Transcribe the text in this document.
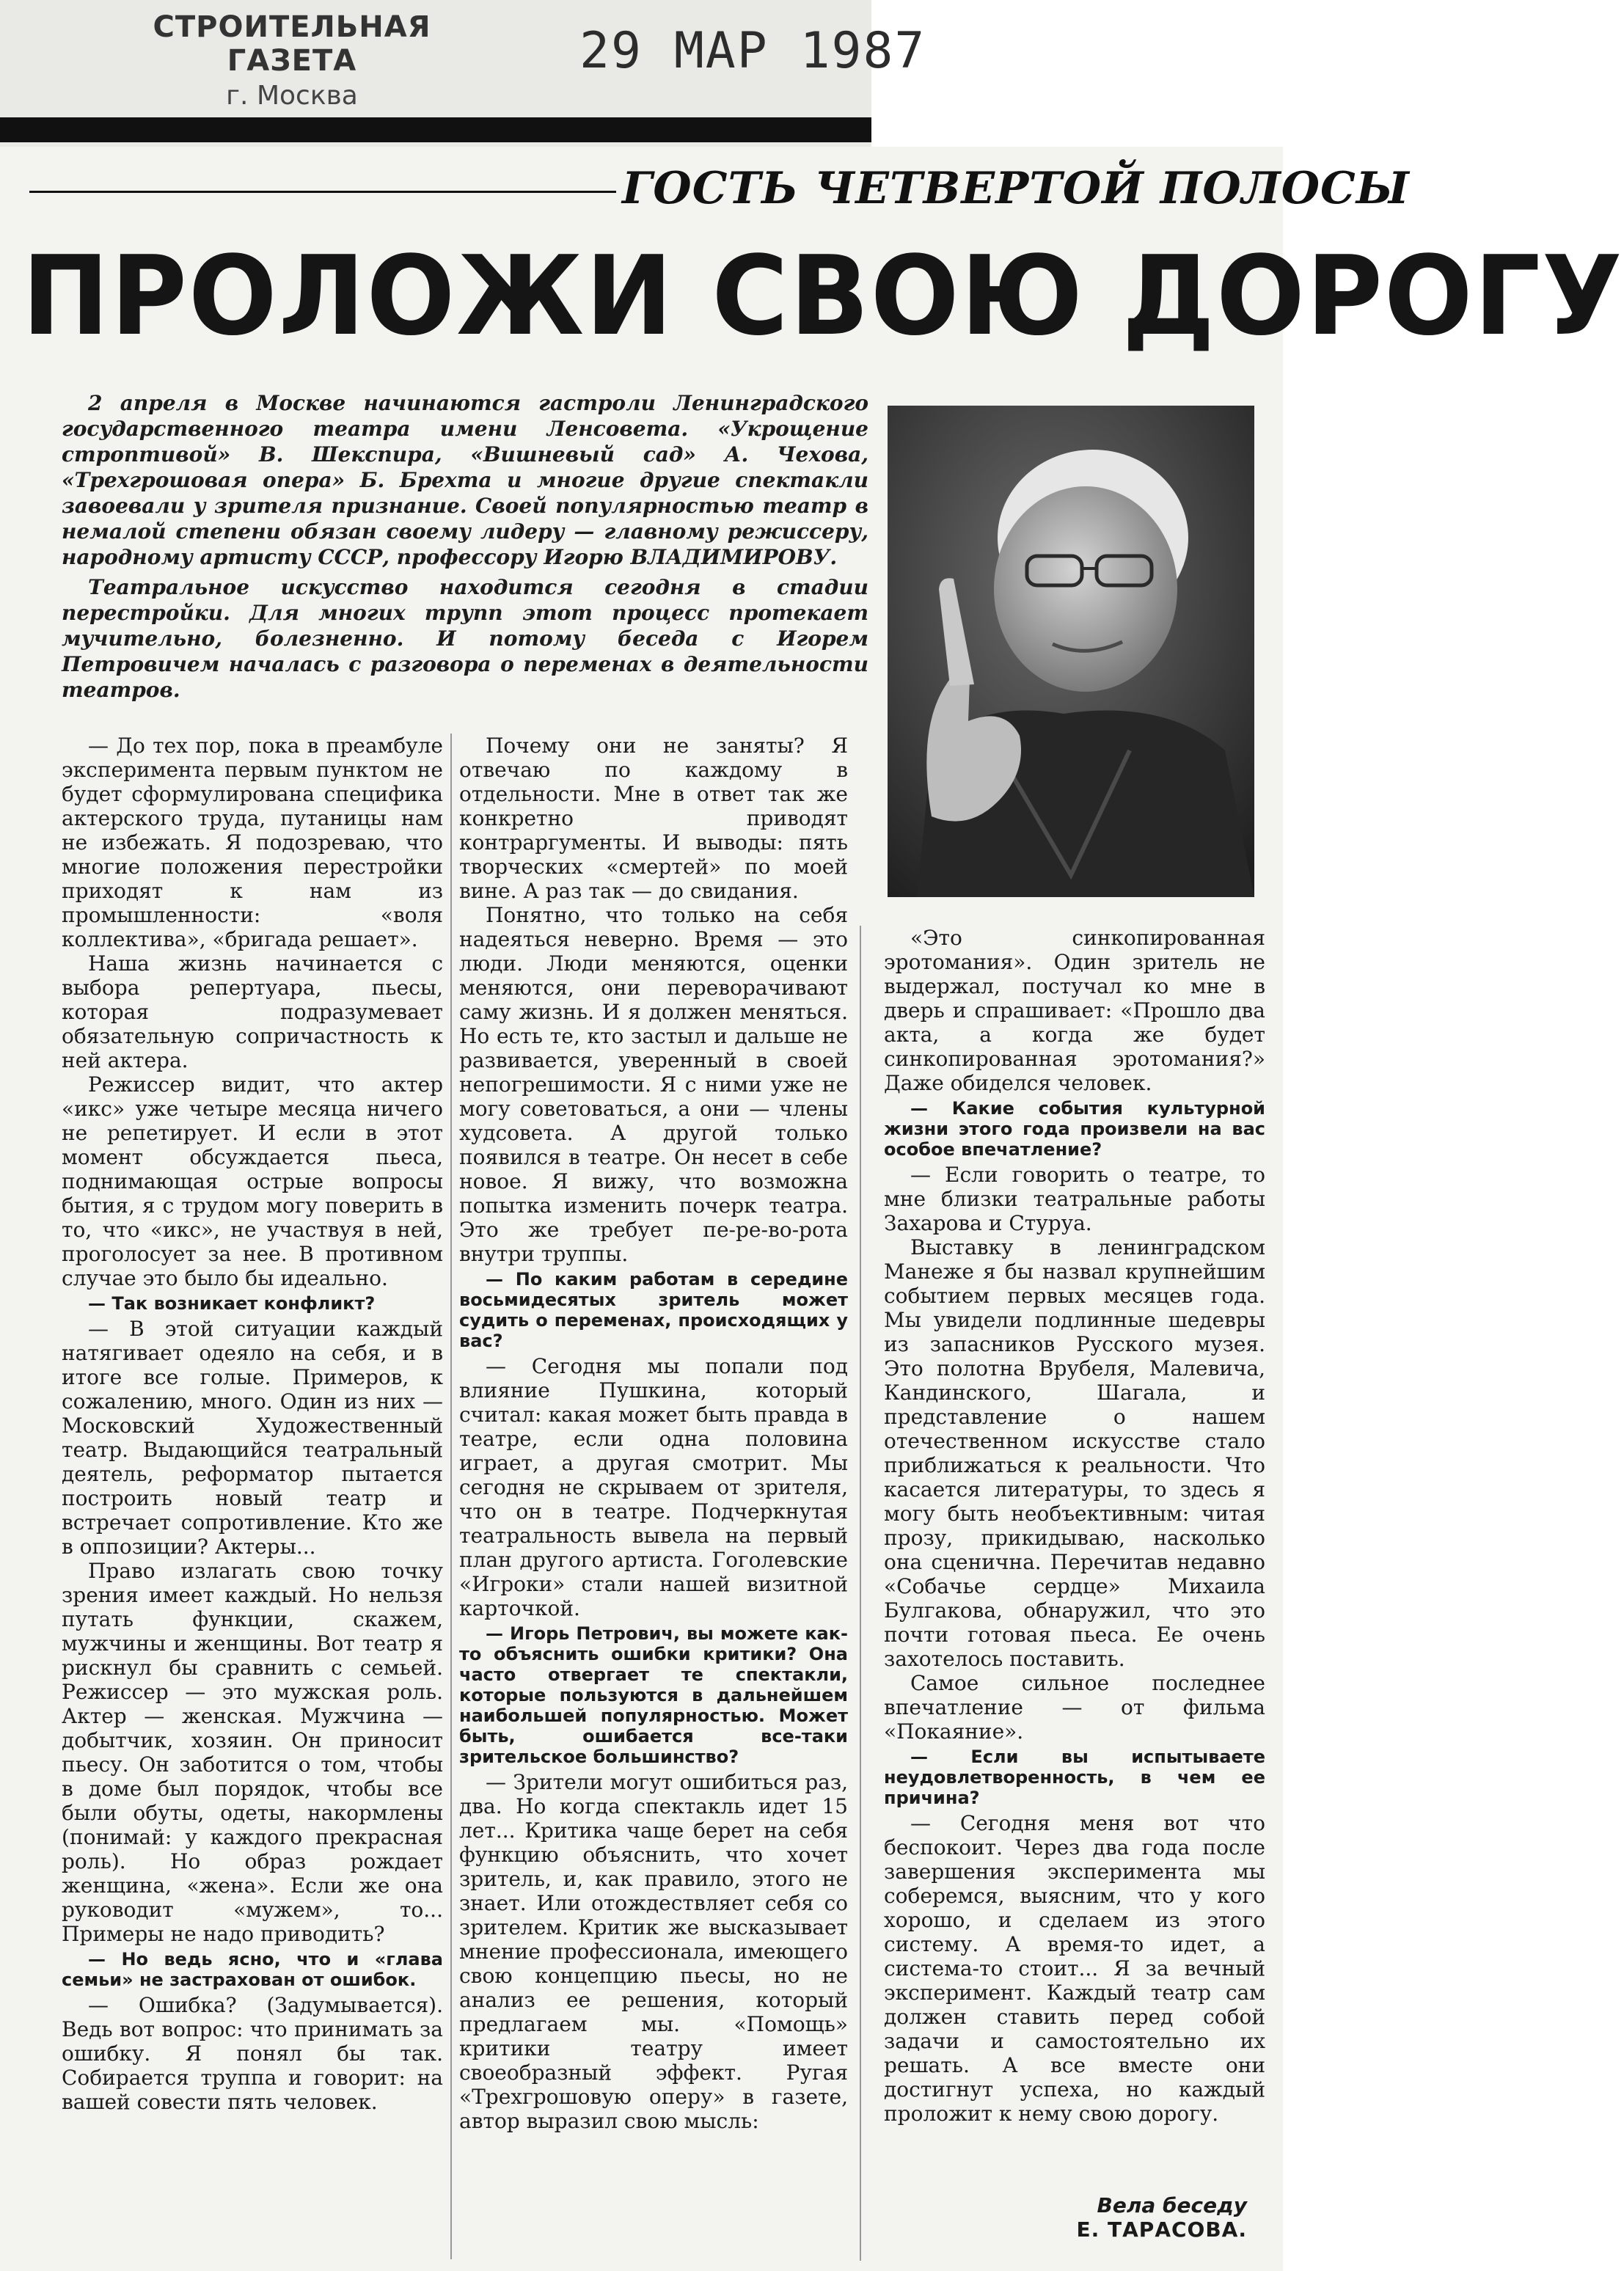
СТРОИТЕЛЬНАЯ ГАЗЕТА
г. Москва
29 МАР 1987
ГОСТЬ ЧЕТВЕРТОЙ ПОЛОСЫ
ПРОЛОЖИ СВОЮ ДОРОГУ

2 апреля в Москве начинаются гастроли Ленинградского государственного театра имени Ленсовета. «Укрощение строптивой» В. Шекспира, «Вишневый сад» А. Чехова, «Трехгрошовая опера» Б. Брехта и многие другие спектакли завоевали у зрителя признание. Своей популярностью театр в немалой степени обязан своему лидеру — главному режиссеру, народному артисту СССР, профессору Игорю ВЛАДИМИРОВУ.

Театральное искусство находится сегодня в стадии перестройки. Для многих трупп этот процесс протекает мучительно, болезненно. И потому беседа с Игорем Петровичем началась с разговора о переменах в деятельности театров.

— До тех пор, пока в преамбуле эксперимента первым пунктом не будет сформулирована специфика актерского труда, путаницы нам не избежать. Я подозреваю, что многие положения перестройки приходят к нам из промышленности: «воля коллектива», «бригада решает».

Наша жизнь начинается с выбора репертуара, пьесы, которая подразумевает обязательную сопричастность к ней актера.

Режиссер видит, что актер «икс» уже четыре месяца ничего не репетирует. И если в этот момент обсуждается пьеса, поднимающая острые вопросы бытия, я с трудом могу поверить в то, что «икс», не участвуя в ней, проголосует за нее. В противном случае это было бы идеально.

— Так возникает конфликт?

— В этой ситуации каждый натягивает одеяло на себя, и в итоге все голые. Примеров, к сожалению, много. Один из них — Московский Художественный театр. Выдающийся театральный деятель, реформатор пытается построить новый театр и встречает сопротивление. Кто же в оппозиции? Актеры...

Право излагать свою точку зрения имеет каждый. Но нельзя путать функции, скажем, мужчины и женщины. Вот театр я рискнул бы сравнить с семьей. Режиссер — это мужская роль. Актер — женская. Мужчина — добытчик, хозяин. Он приносит пьесу. Он заботится о том, чтобы в доме был порядок, чтобы все были обуты, одеты, накормлены (понимай: у каждого прекрасная роль). Но образ рождает женщина, «жена». Если же она руководит «мужем», то... Примеры не надо приводить?

— Но ведь ясно, что и «глава семьи» не застрахован от ошибок.

— Ошибка? (Задумывается). Ведь вот вопрос: что принимать за ошибку. Я понял бы так. Собирается труппа и говорит: на вашей совести пять человек.

Почему они не заняты? Я отвечаю по каждому в отдельности. Мне в ответ так же конкретно приводят контраргументы. И выводы: пять творческих «смертей» по моей вине. А раз так — до свидания.

Понятно, что только на себя надеяться неверно. Время — это люди. Люди меняются, оценки меняются, они переворачивают саму жизнь. И я должен меняться. Но есть те, кто застыл и дальше не развивается, уверенный в своей непогрешимости. Я с ними уже не могу советоваться, а они — члены худсовета. А другой только появился в театре. Он несет в себе новое. Я вижу, что возможна попытка изменить почерк театра. Это же требует пе-ре-во-рота внутри труппы.

— По каким работам в середине восьмидесятых зритель может судить о переменах, происходящих у вас?

— Сегодня мы попали под влияние Пушкина, который считал: какая может быть правда в театре, если одна половина играет, а другая смотрит. Мы сегодня не скрываем от зрителя, что он в театре. Подчеркнутая театральность вывела на первый план другого артиста. Гоголевские «Игроки» стали нашей визитной карточкой.

— Игорь Петрович, вы можете как-то объяснить ошибки критики? Она часто отвергает те спектакли, которые пользуются в дальнейшем наибольшей популярностью. Может быть, ошибается все-таки зрительское большинство?

— Зрители могут ошибиться раз, два. Но когда спектакль идет 15 лет... Критика чаще берет на себя функцию объяснить, что хочет зритель, и, как правило, этого не знает. Или отождествляет себя со зрителем. Критик же высказывает мнение профессионала, имеющего свою концепцию пьесы, но не анализ ее решения, который предлагаем мы. «Помощь» критики театру имеет своеобразный эффект. Ругая «Трехгрошовую оперу» в газете, автор выразил свою мысль:

«Это синкопированная эротомания». Один зритель не выдержал, постучал ко мне в дверь и спрашивает: «Прошло два акта, а когда же будет синкопированная эротомания?» Даже обиделся человек.

— Какие события культурной жизни этого года произвели на вас особое впечатление?

— Если говорить о театре, то мне близки театральные работы Захарова и Стуруа.

Выставку в ленинградском Манеже я бы назвал крупнейшим событием первых месяцев года. Мы увидели подлинные шедевры из запасников Русского музея. Это полотна Врубеля, Малевича, Кандинского, Шагала, и представление о нашем отечественном искусстве стало приближаться к реальности. Что касается литературы, то здесь я могу быть необъективным: читая прозу, прикидываю, насколько она сценична. Перечитав недавно «Собачье сердце» Михаила Булгакова, обнаружил, что это почти готовая пьеса. Ее очень захотелось поставить.

Самое сильное последнее впечатление — от фильма «Покаяние».

— Если вы испытываете неудовлетворенность, в чем ее причина?

— Сегодня меня вот что беспокоит. Через два года после завершения эксперимента мы соберемся, выясним, что у кого хорошо, и сделаем из этого систему. А время-то идет, а система-то стоит... Я за вечный эксперимент. Каждый театр сам должен ставить перед собой задачи и самостоятельно их решать. А все вместе они достигнут успеха, но каждый проложит к нему свою дорогу.

Вела беседу
Е. ТАРАСОВА.
